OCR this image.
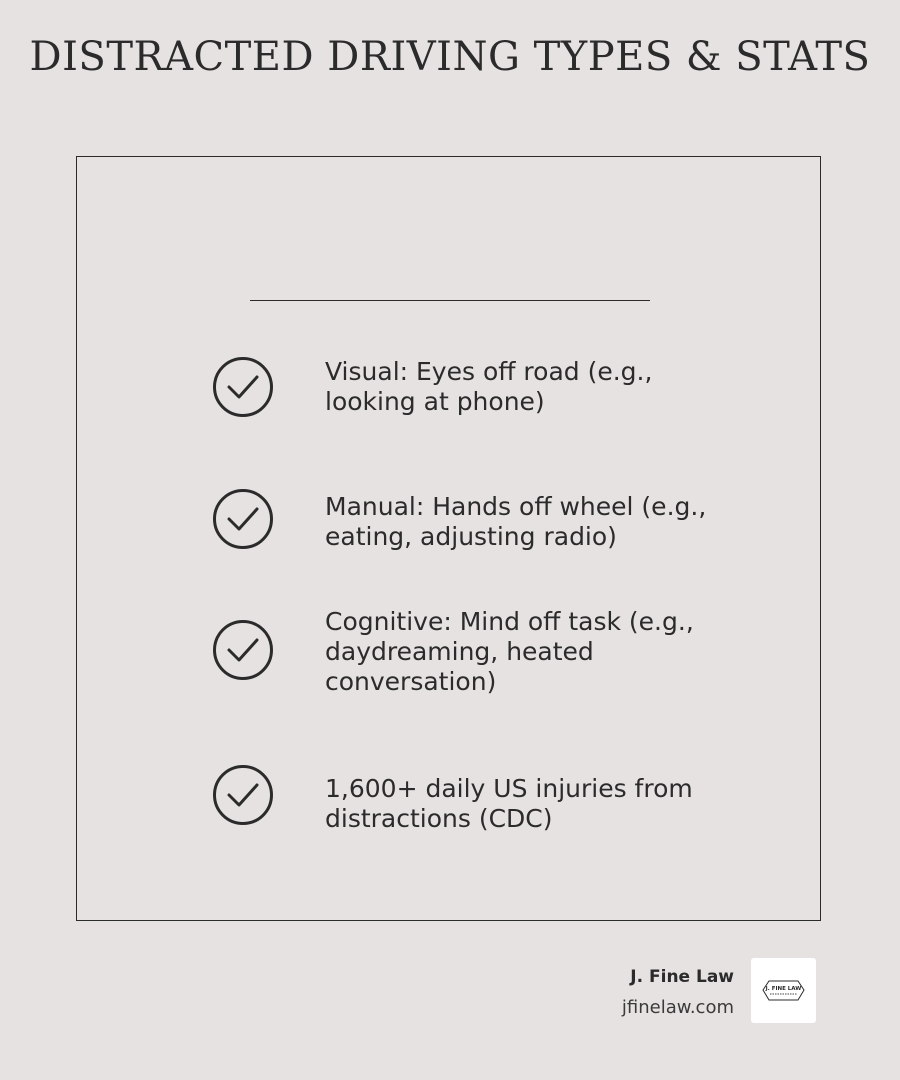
DISTRACTED DRIVING TYPES & STATS
Visual: Eyes off road (e.g., looking at phone)
Manual: Hands off wheel (e.g., eating, adjusting radio)
Cognitive: Mind off task (e.g., daydreaming, heated conversation)
1,600+ daily US injuries from distractions (CDC)
J. Fine Law
jfinelaw.com
J. FINE LAW
